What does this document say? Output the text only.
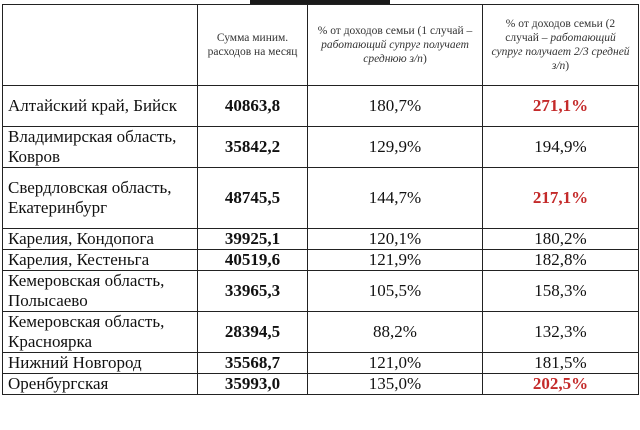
	Сумма миним. расходов на месяц	% от доходов семьи (1 случай – работающий супруг получает среднюю з/п)	% от доходов семьи (2 случай – работающий супруг получает 2/3 средней з/п)
Алтайский край, Бийск	40863,8	180,7%	271,1%
Владимирская область, Ковров	35842,2	129,9%	194,9%
Свердловская область, Екатеринбург	48745,5	144,7%	217,1%
Карелия, Кондопога	39925,1	120,1%	180,2%
Карелия, Кестеньга	40519,6	121,9%	182,8%
Кемеровская область, Полысаево	33965,3	105,5%	158,3%
Кемеровская область, Красноярка	28394,5	88,2%	132,3%
Нижний Новгород	35568,7	121,0%	181,5%
Оренбургская	35993,0	135,0%	202,5%
